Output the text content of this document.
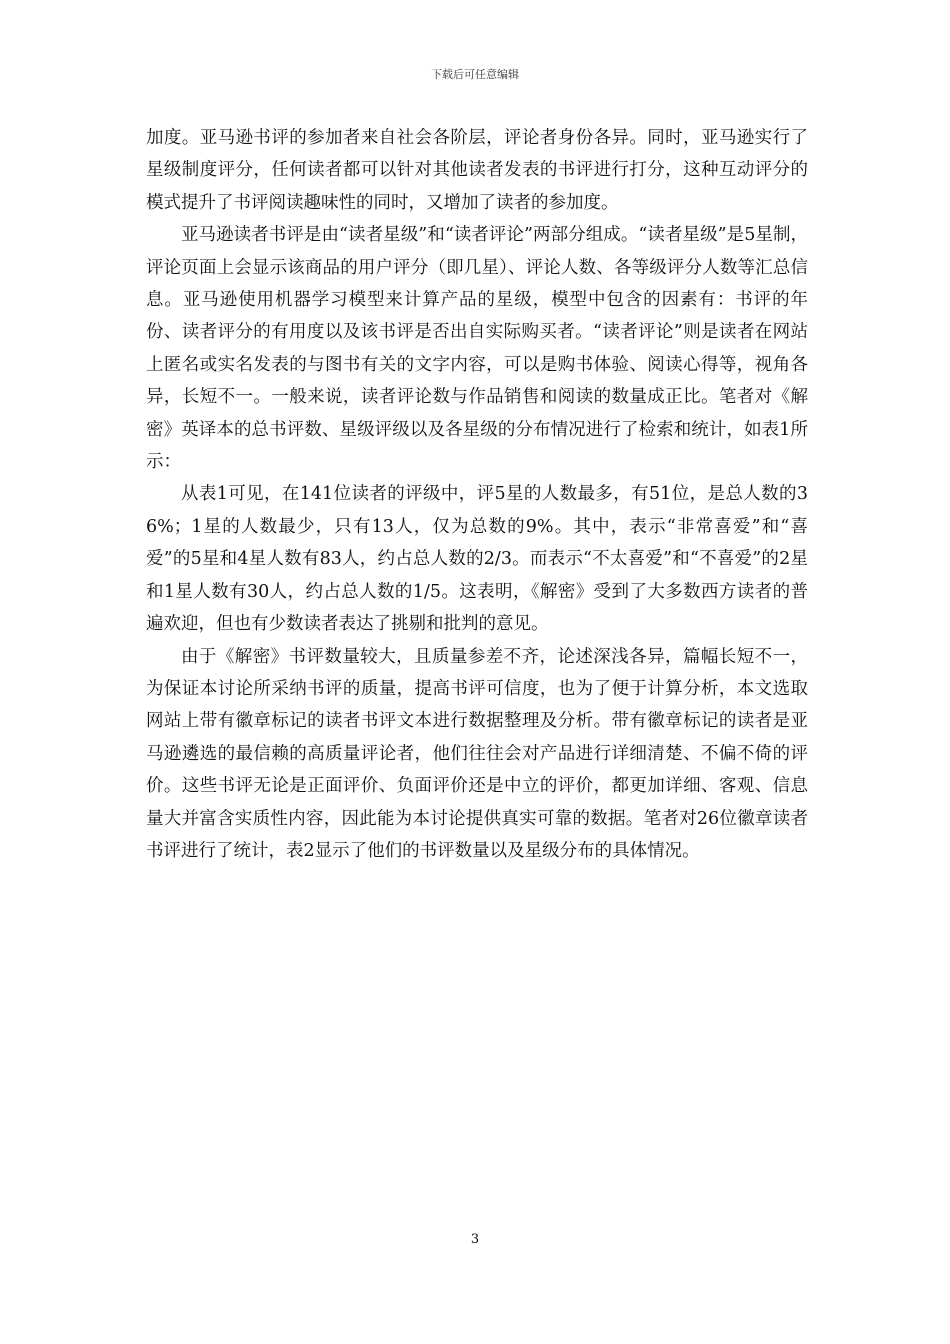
下载后可任意编辑

加度。亚马逊书评的参加者来自社会各阶层，评论者身份各异。同时，亚马逊实行了星级制度评分，任何读者都可以针对其他读者发表的书评进行打分，这种互动评分的模式提升了书评阅读趣味性的同时，又增加了读者的参加度。

亚马逊读者书评是由“读者星级”和“读者评论”两部分组成。“读者星级”是5星制，评论页面上会显示该商品的用户评分（即几星）、评论人数、各等级评分人数等汇总信息。亚马逊使用机器学习模型来计算产品的星级，模型中包含的因素有：书评的年份、读者评分的有用度以及该书评是否出自实际购买者。“读者评论”则是读者在网站上匿名或实名发表的与图书有关的文字内容，可以是购书体验、阅读心得等，视角各异，长短不一。一般来说，读者评论数与作品销售和阅读的数量成正比。笔者对《解密》英译本的总书评数、星级评级以及各星级的分布情况进行了检索和统计，如表1所示：

从表1可见，在141位读者的评级中，评5星的人数最多，有51位，是总人数的36%；1星的人数最少，只有13人，仅为总数的9%。其中，表示“非常喜爱”和“喜爱”的5星和4星人数有83人，约占总人数的2/3。而表示“不太喜爱”和“不喜爱”的2星和1星人数有30人，约占总人数的1/5。这表明，《解密》受到了大多数西方读者的普遍欢迎，但也有少数读者表达了挑剔和批判的意见。

由于《解密》书评数量较大，且质量参差不齐，论述深浅各异，篇幅长短不一，为保证本讨论所采纳书评的质量，提高书评可信度，也为了便于计算分析，本文选取网站上带有徽章标记的读者书评文本进行数据整理及分析。带有徽章标记的读者是亚马逊遴选的最信赖的高质量评论者，他们往往会对产品进行详细清楚、不偏不倚的评价。这些书评无论是正面评价、负面评价还是中立的评价，都更加详细、客观、信息量大并富含实质性内容，因此能为本讨论提供真实可靠的数据。笔者对26位徽章读者书评进行了统计，表2显示了他们的书评数量以及星级分布的具体情况。

3
